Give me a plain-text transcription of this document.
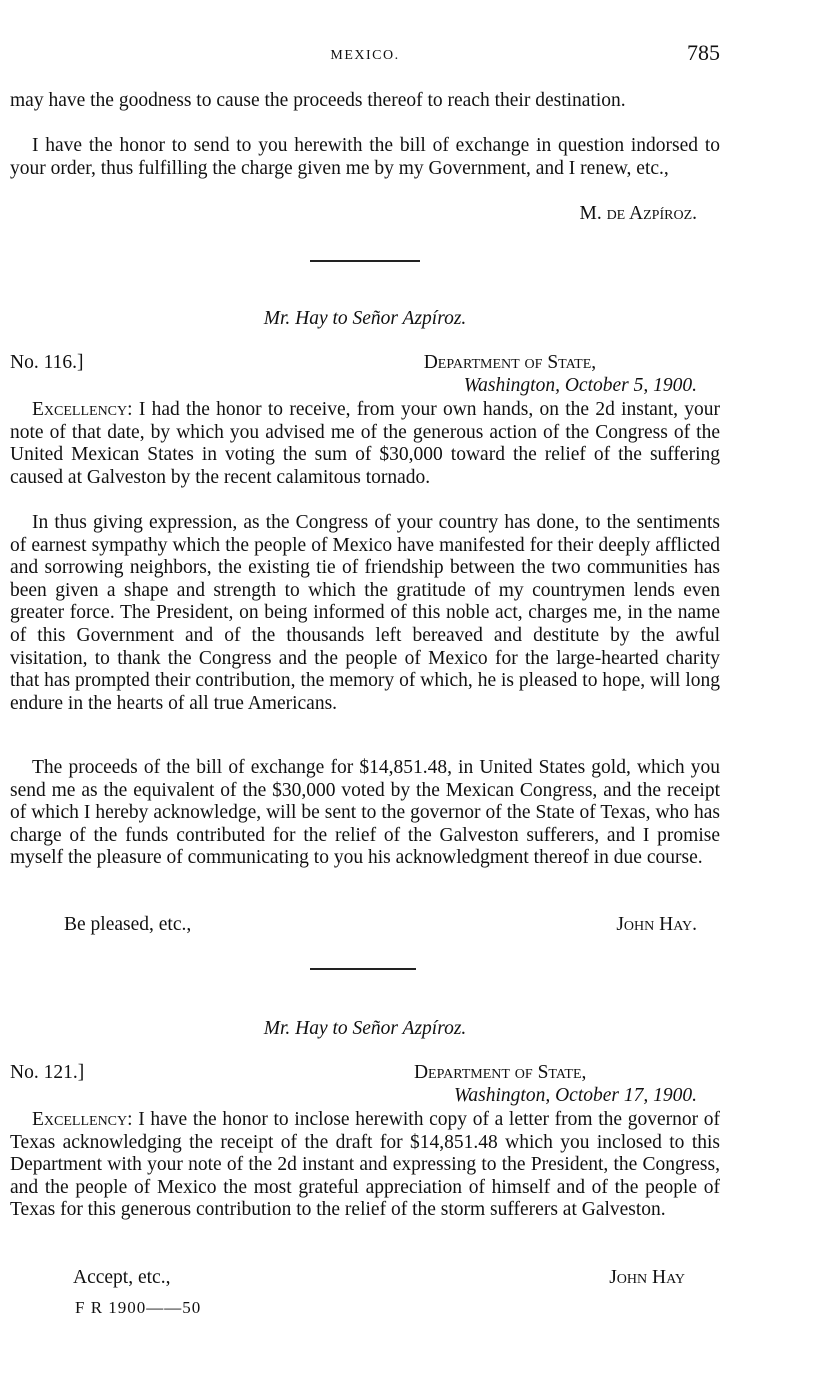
MEXICO.	785

may have the goodness to cause the proceeds thereof to reach their destination.

I have the honor to send to you herewith the bill of exchange in question indorsed to your order, thus fulfilling the charge given me by my Government, and I renew, etc.,

M. de Azpíroz.
Mr. Hay to Señor Azpíroz.
No. 116.]	Department of State,
Washington, October 5, 1900.

Excellency: I had the honor to receive, from your own hands, on the 2d instant, your note of that date, by which you advised me of the generous action of the Congress of the United Mexican States in voting the sum of $30,000 toward the relief of the suffering caused at Galveston by the recent calamitous tornado.

In thus giving expression, as the Congress of your country has done, to the sentiments of earnest sympathy which the people of Mexico have manifested for their deeply afflicted and sorrowing neighbors, the existing tie of friendship between the two communities has been given a shape and strength to which the gratitude of my countrymen lends even greater force. The President, on being informed of this noble act, charges me, in the name of this Government and of the thousands left bereaved and destitute by the awful visitation, to thank the Congress and the people of Mexico for the large-hearted charity that has prompted their contribution, the memory of which, he is pleased to hope, will long endure in the hearts of all true Americans.

The proceeds of the bill of exchange for $14,851.48, in United States gold, which you send me as the equivalent of the $30,000 voted by the Mexican Congress, and the receipt of which I hereby acknowledge, will be sent to the governor of the State of Texas, who has charge of the funds contributed for the relief of the Galveston sufferers, and I promise myself the pleasure of communicating to you his acknowledgment thereof in due course.

Be pleased, etc.,	John Hay.
Mr. Hay to Señor Azpíroz.
No. 121.]	Department of State,
Washington, October 17, 1900.

Excellency: I have the honor to inclose herewith copy of a letter from the governor of Texas acknowledging the receipt of the draft for $14,851.48 which you inclosed to this Department with your note of the 2d instant and expressing to the President, the Congress, and the people of Mexico the most grateful appreciation of himself and of the people of Texas for this generous contribution to the relief of the storm sufferers at Galveston.

Accept, etc.,	John Hay
F R 1900——50
